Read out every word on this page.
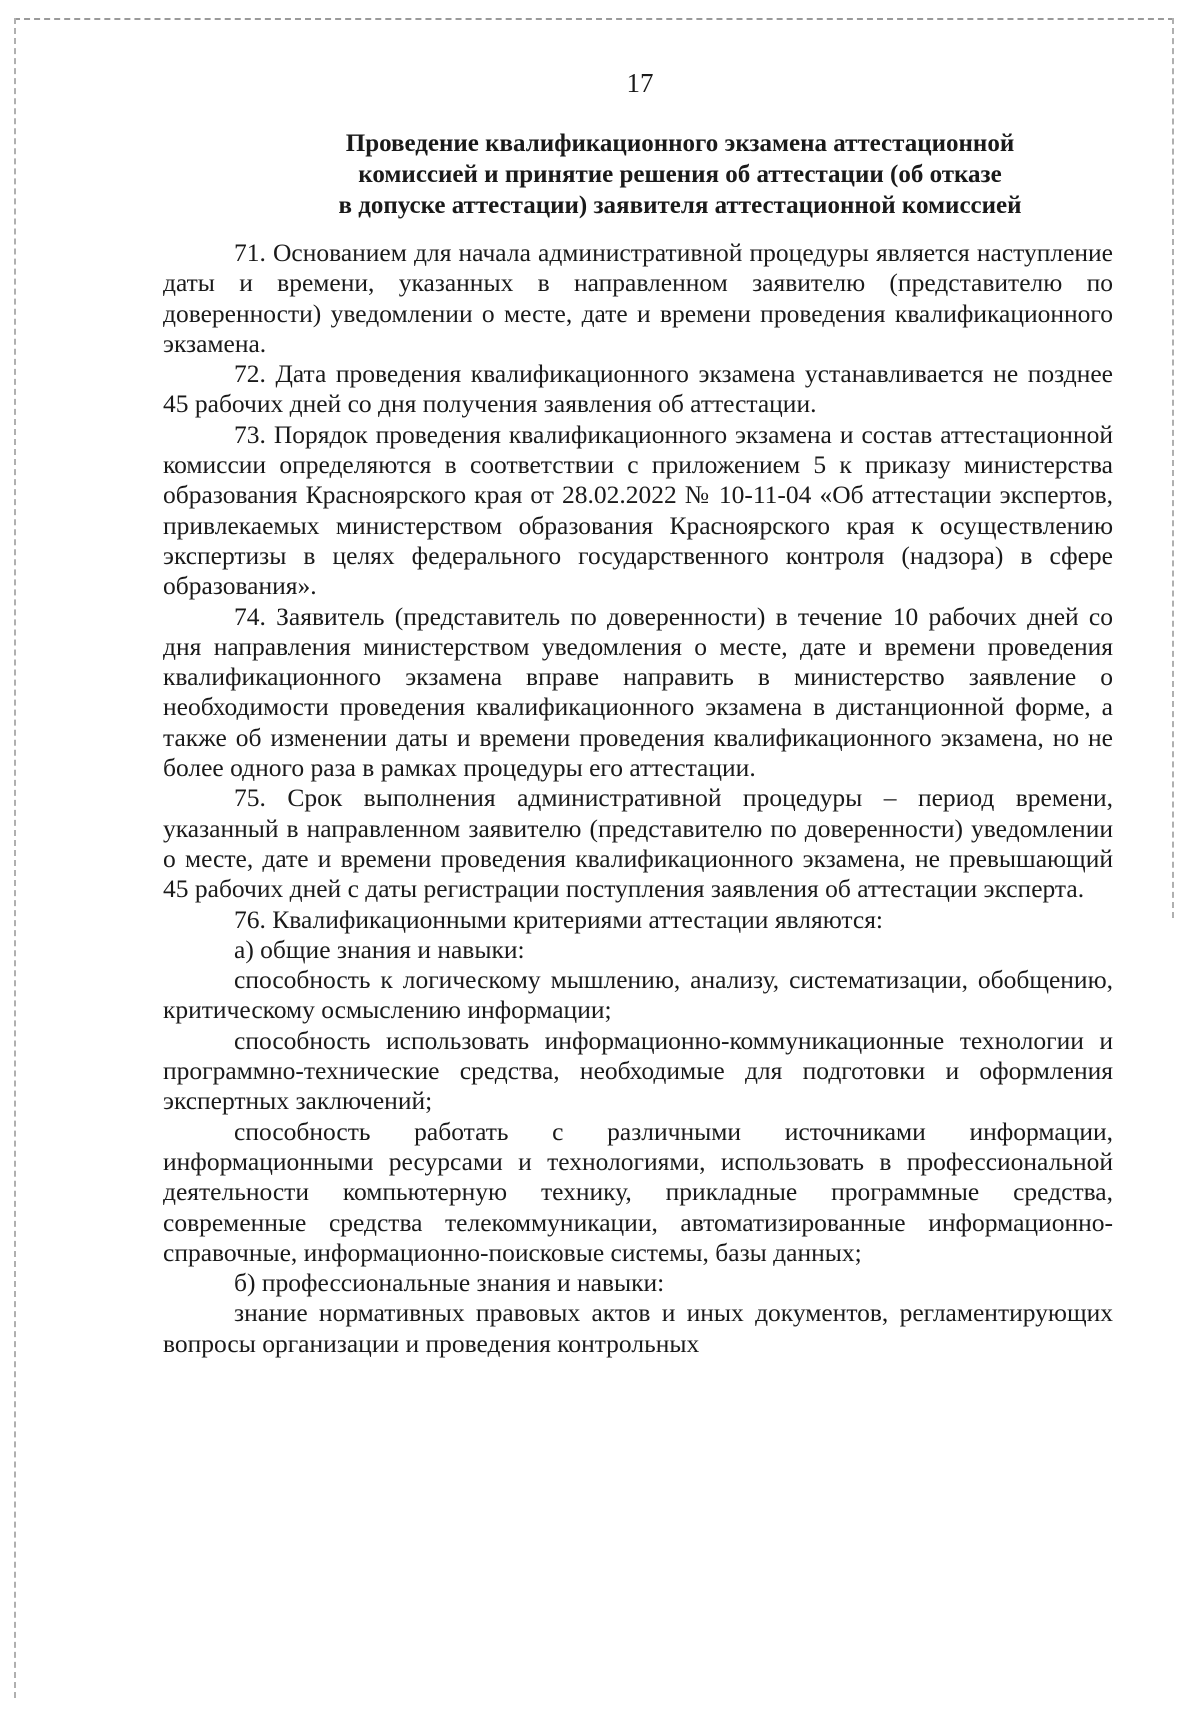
17
Проведение квалификационного экзамена аттестационной
комиссией и принятие решения об аттестации (об отказе
в допуске аттестации) заявителя аттестационной комиссией

71. Основанием для начала административной процедуры является наступление даты и времени, указанных в направленном заявителю (представителю по доверенности) уведомлении о месте, дате и времени проведения квалификационного экзамена.

72. Дата проведения квалификационного экзамена устанавливается не позднее 45 рабочих дней со дня получения заявления об аттестации.

73. Порядок проведения квалификационного экзамена и состав аттестационной комиссии определяются в соответствии с приложением 5 к приказу министерства образования Красноярского края от 28.02.2022 № 10-11-04 «Об аттестации экспертов, привлекаемых министерством образования Красноярского края к осуществлению экспертизы в целях федерального государственного контроля (надзора) в сфере образования».

74. Заявитель (представитель по доверенности) в течение 10 рабочих дней со дня направления министерством уведомления о месте, дате и времени проведения квалификационного экзамена вправе направить в министерство заявление о необходимости проведения квалификационного экзамена в дистанционной форме, а также об изменении даты и времени проведения квалификационного экзамена, но не более одного раза в рамках процедуры его аттестации.

75. Срок выполнения административной процедуры – период времени, указанный в направленном заявителю (представителю по доверенности) уведомлении о месте, дате и времени проведения квалификационного экзамена, не превышающий 45 рабочих дней с даты регистрации поступления заявления об аттестации эксперта.

76. Квалификационными критериями аттестации являются:

а) общие знания и навыки:

способность к логическому мышлению, анализу, систематизации, обобщению, критическому осмыслению информации;

способность использовать информационно-коммуникационные технологии и программно-технические средства, необходимые для подготовки и оформления экспертных заключений;

способность работать с различными источниками информации, информационными ресурсами и технологиями, использовать в профессиональной деятельности компьютерную технику, прикладные программные средства, современные средства телекоммуникации, автоматизированные информационно-справочные, информационно-поисковые системы, базы данных;

б) профессиональные знания и навыки:

знание нормативных правовых актов и иных документов, регламентирующих вопросы организации и проведения контрольных
